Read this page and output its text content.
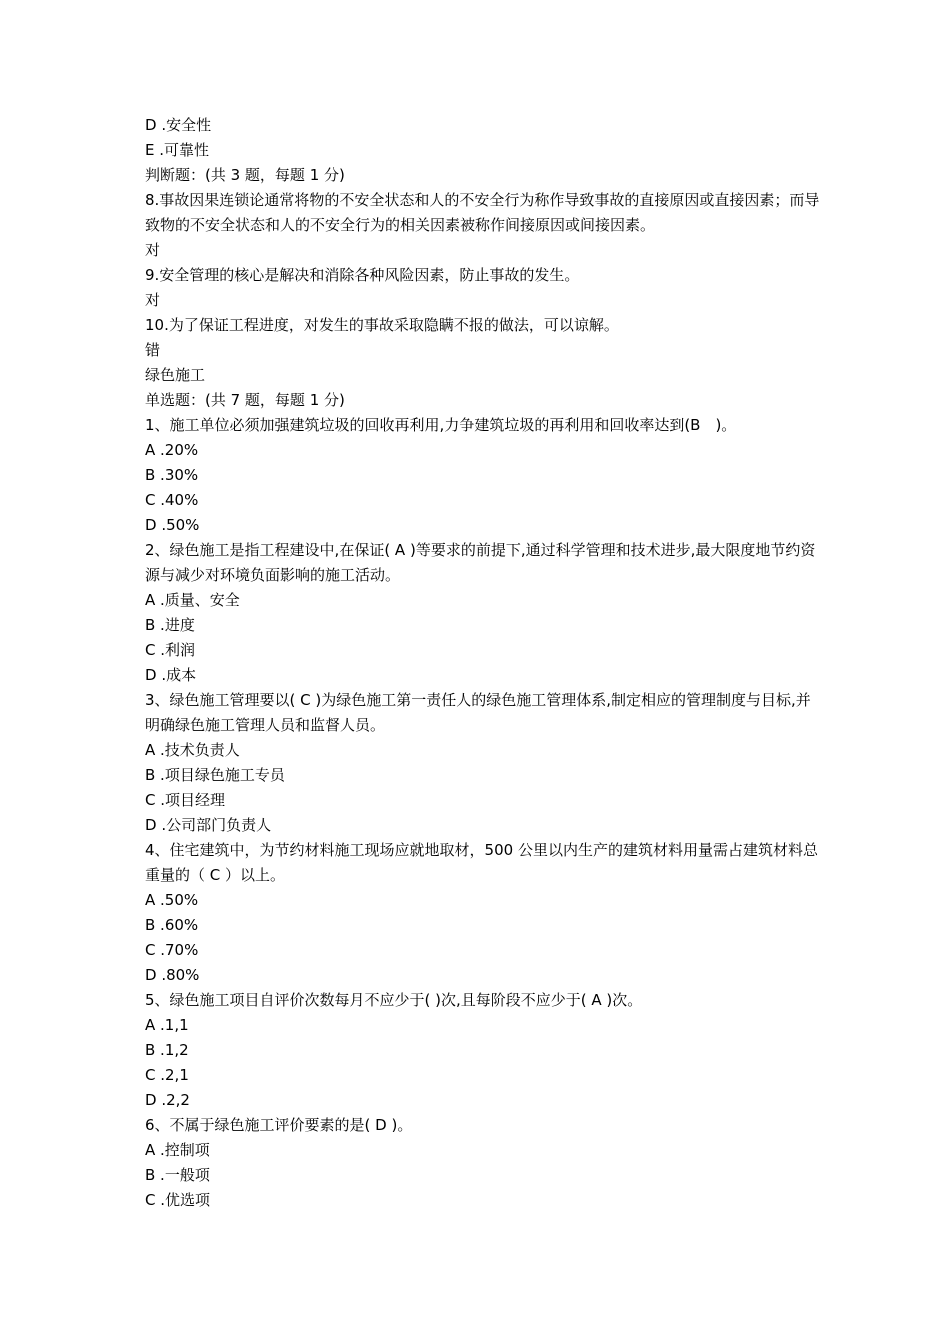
D .安全性
E .可靠性
判断题：(共 3 题，每题 1 分)
8.事故因果连锁论通常将物的不安全状态和人的不安全行为称作导致事故的直接原因或直接因素；而导致物的不安全状态和人的不安全行为的相关因素被称作间接原因或间接因素。
对
9.安全管理的核心是解决和消除各种风险因素，防止事故的发生。
对
10.为了保证工程进度，对发生的事故采取隐瞒不报的做法，可以谅解。
错
绿色施工
单选题：(共 7 题，每题 1 分)
1、施工单位必须加强建筑垃圾的回收再利用,力争建筑垃圾的再利用和回收率达到(B　)。
A .20%
B .30%
C .40%
D .50%
2、绿色施工是指工程建设中,在保证( A )等要求的前提下,通过科学管理和技术进步,最大限度地节约资源与减少对环境负面影响的施工活动。
A .质量、安全
B .进度
C .利润
D .成本
3、绿色施工管理要以( C )为绿色施工第一责任人的绿色施工管理体系,制定相应的管理制度与目标,并明确绿色施工管理人员和监督人员。
A .技术负责人
B .项目绿色施工专员
C .项目经理
D .公司部门负责人
4、住宅建筑中，为节约材料施工现场应就地取材，500 公里以内生产的建筑材料用量需占建筑材料总重量的（ C ）以上。
A .50%
B .60%
C .70%
D .80%
5、绿色施工项目自评价次数每月不应少于( )次,且每阶段不应少于( A )次。
A .1,1
B .1,2
C .2,1
D .2,2
6、不属于绿色施工评价要素的是( D )。
A .控制项
B .一般项
C .优选项
